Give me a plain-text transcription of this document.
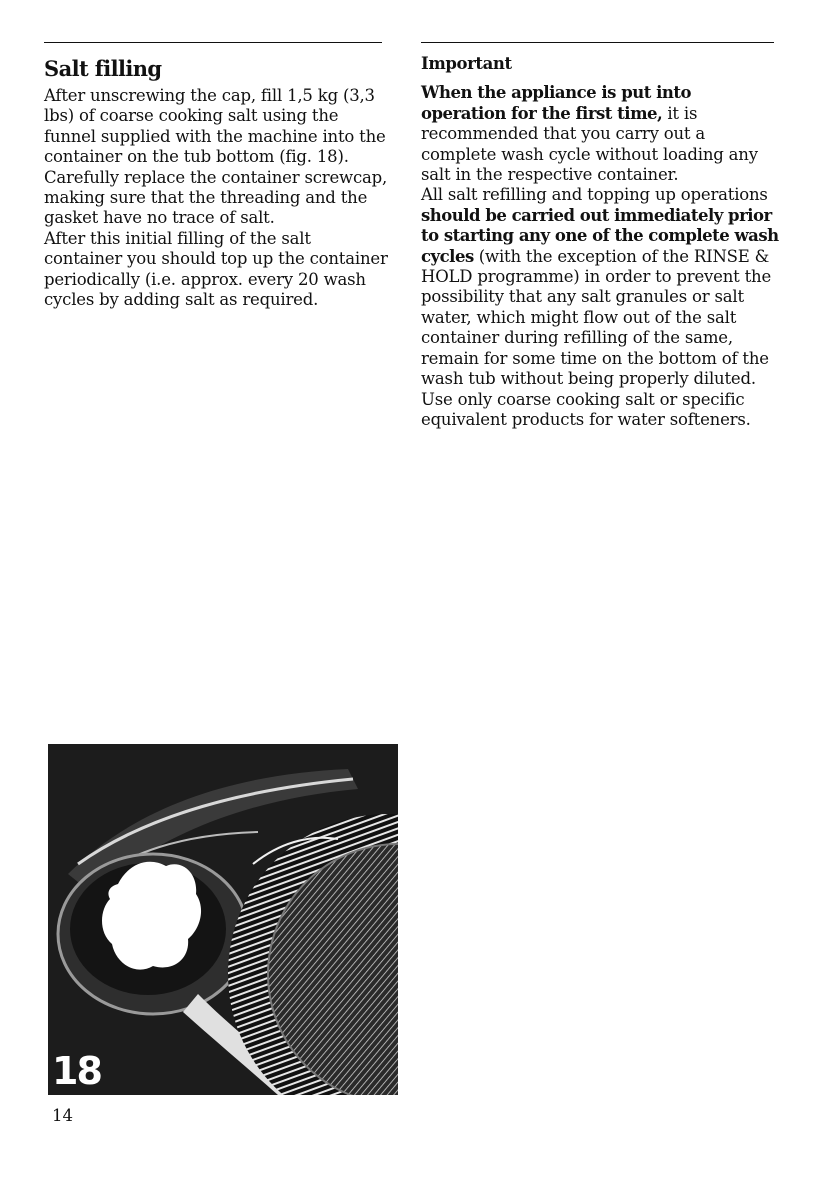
Salt filling

After unscrewing the cap, fill 1,5 kg (3,3 lbs) of coarse cooking salt using the funnel supplied with the machine into the container on the tub bottom (fig. 18).

Carefully replace the container screwcap, making sure that the threading and the gasket have no trace of salt.

After this initial filling of the salt container you should top up the container periodically (i.e. approx. every 20 wash cycles by adding salt as required.

Important

When the appliance is put into operation for the first time, it is recommended that you carry out a complete wash cycle without loading any salt in the respective container.

All salt refilling and topping up operations should be carried out immediately prior to starting any one of the complete wash cycles (with the exception of the RINSE & HOLD programme) in order to prevent the possibility that any salt granules or salt water, which might flow out of the salt container during refilling of the same, remain for some time on the bottom of the wash tub without being properly diluted.

Use only coarse cooking salt or specific equivalent products for water softeners.

18
14
